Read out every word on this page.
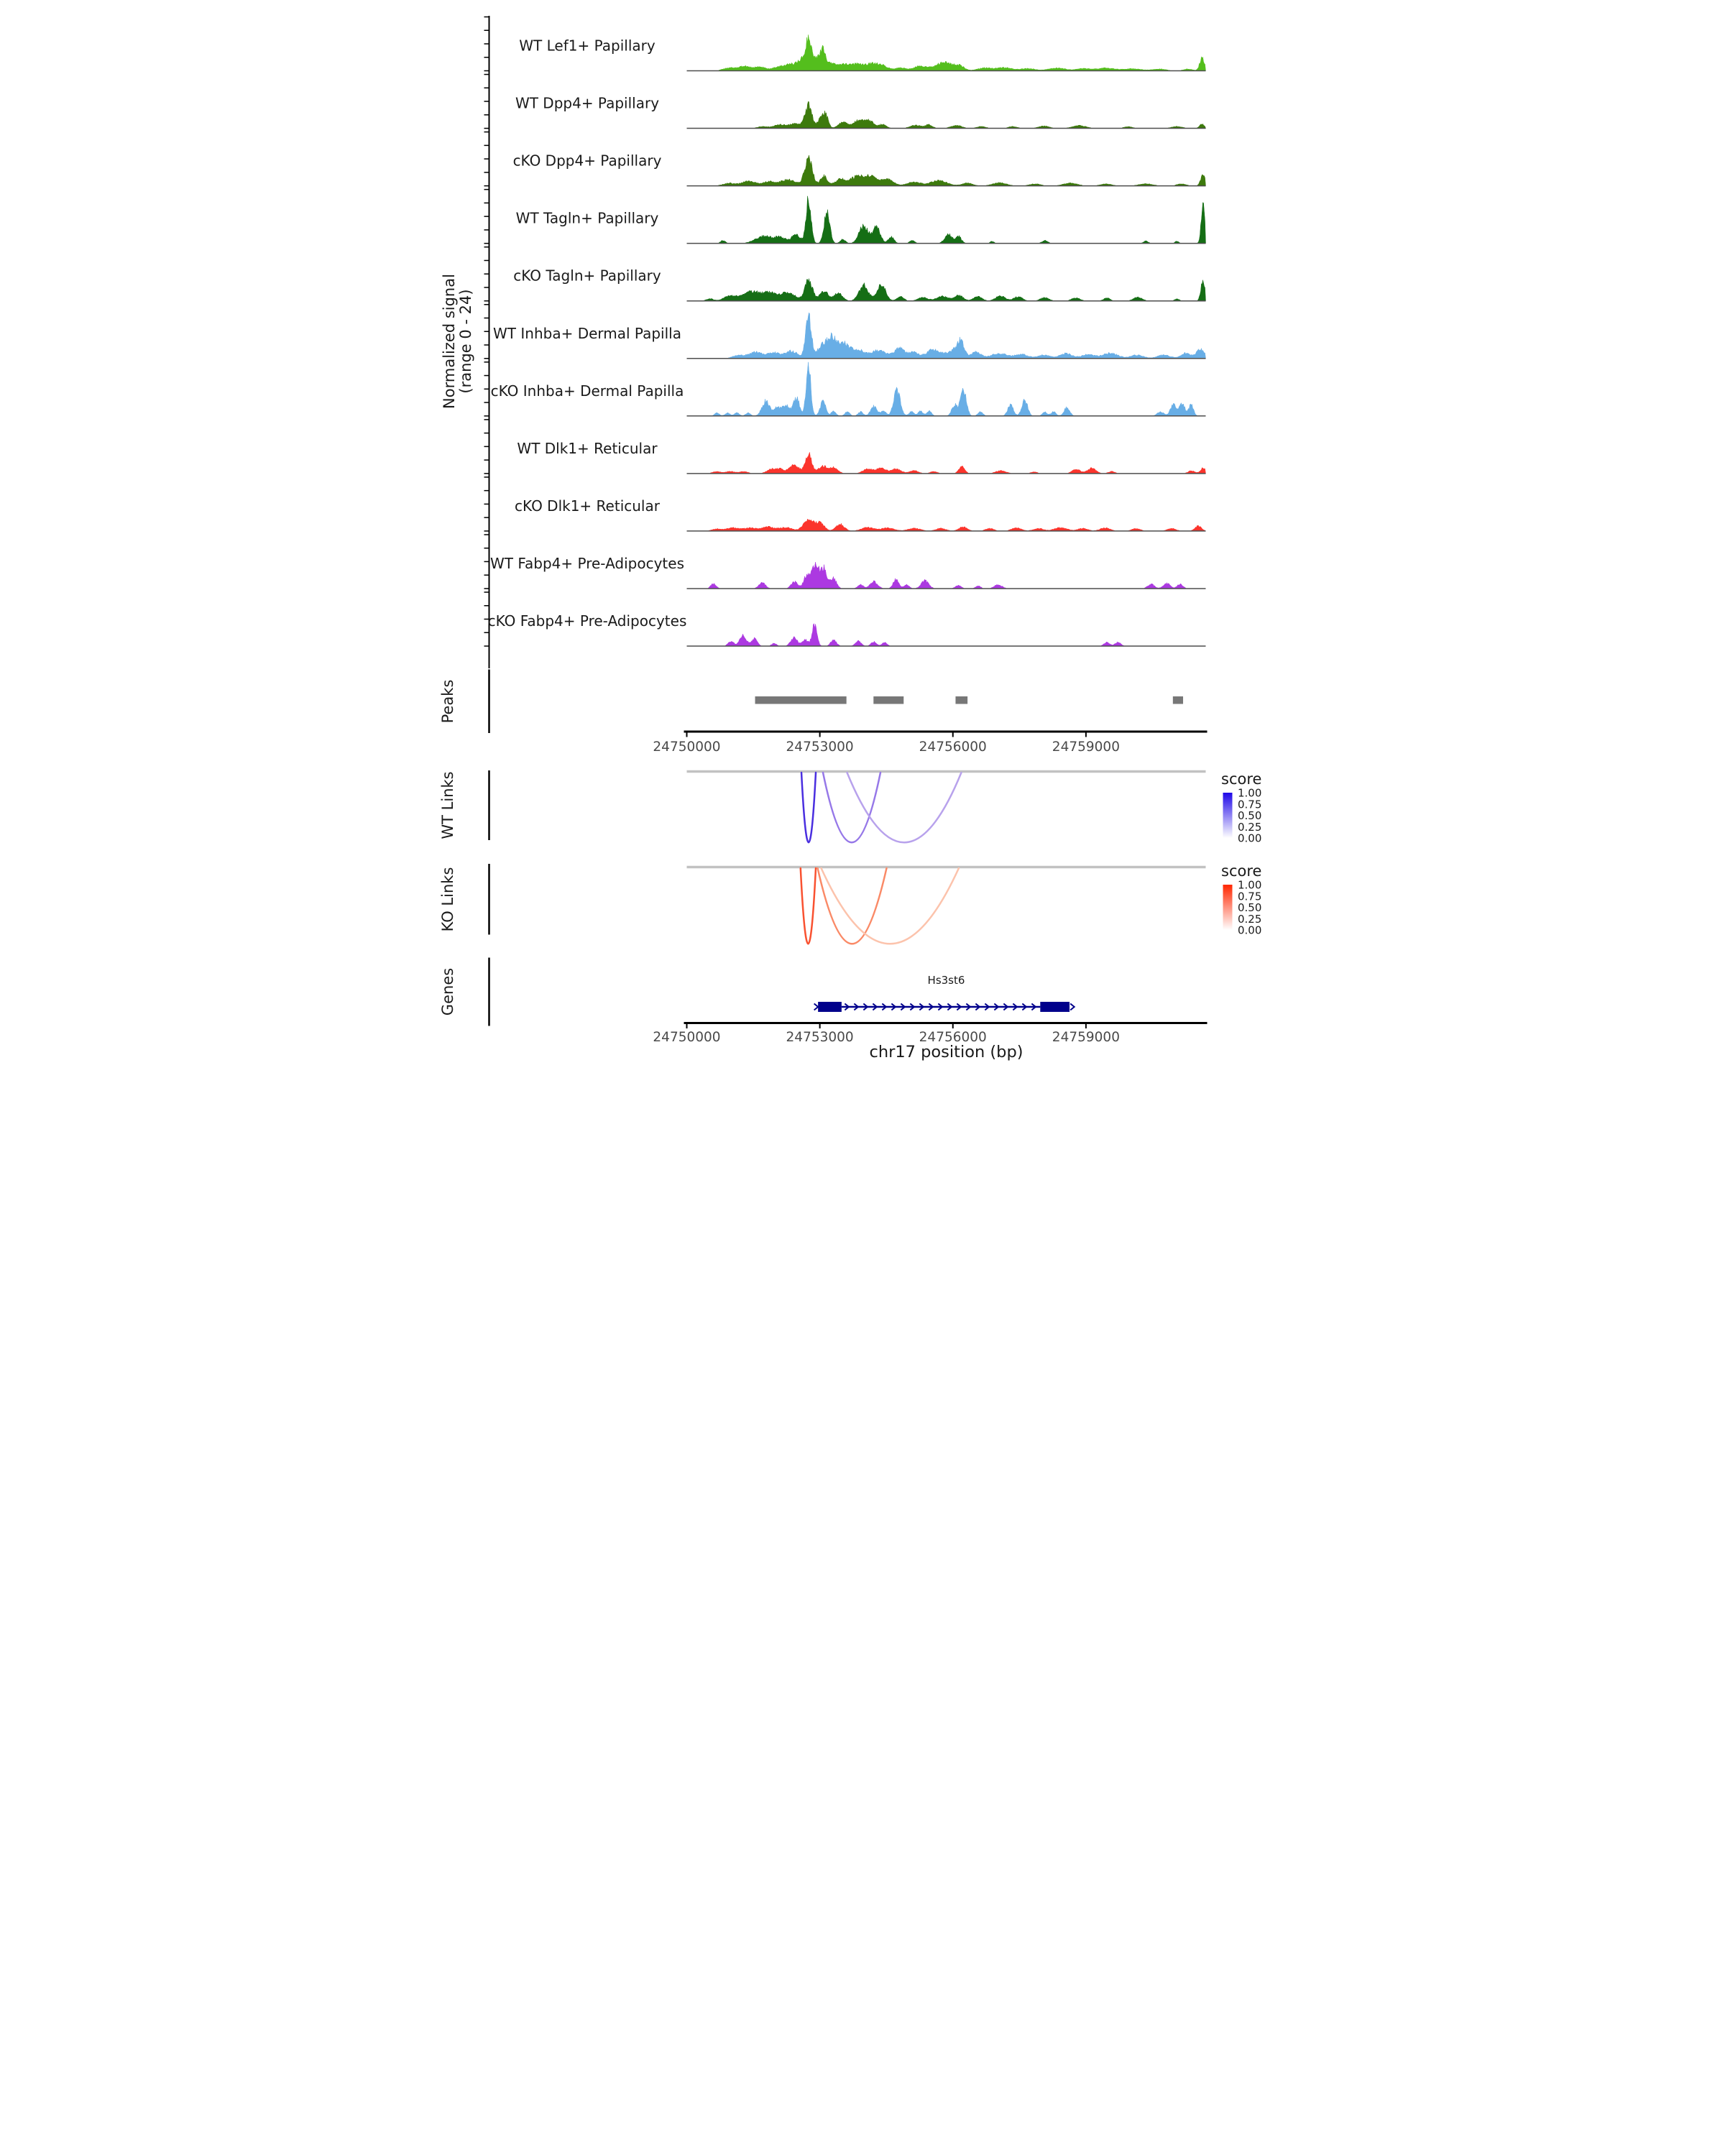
Normalized signal (range 0 - 24)
WT Lef1+ Papillary
WT Dpp4+ Papillary
cKO Dpp4+ Papillary
WT Tagln+ Papillary
cKO Tagln+ Papillary
WT Inhba+ Dermal Papilla
cKO Inhba+ Dermal Papilla
WT Dlk1+ Reticular
cKO Dlk1+ Reticular
WT Fabp4+ Pre-Adipocytes
cKO Fabp4+ Pre-Adipocytes
24750000 24753000 24756000 24759000
24750000 24753000 24756000 24759000
Peaks
WT Links
KO Links
Genes
score
1.00
0.75
0.50
0.25
0.00
score
1.00
0.75
0.50
0.25
0.00
Hs3st6
chr17 position (bp)
